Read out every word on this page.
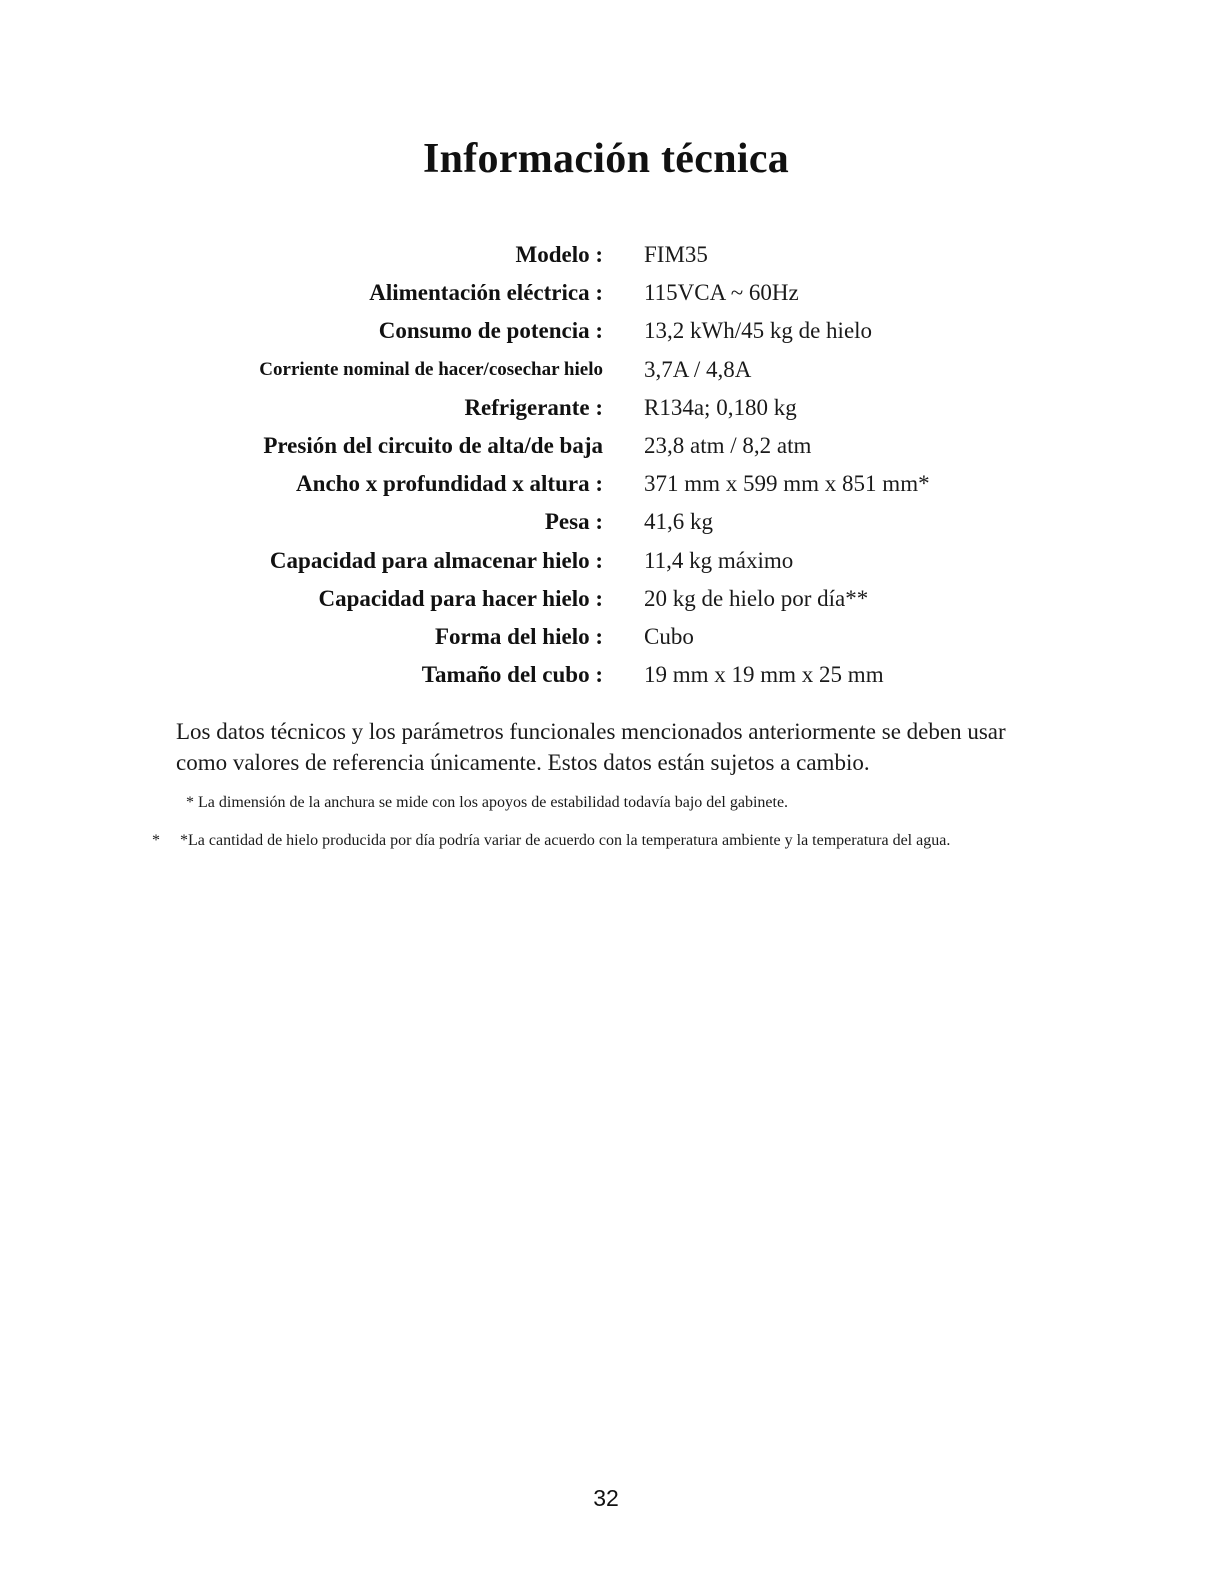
Información técnica
Modelo : FIM35
Alimentación eléctrica : 115VCA ~ 60Hz
Consumo de potencia : 13,2 kWh/45 kg de hielo
Corriente nominal de hacer/cosechar hielo 3,7A / 4,8A
Refrigerante : R134a; 0,180 kg
Presión del circuito de alta/de baja 23,8 atm / 8,2 atm
Ancho x profundidad x altura : 371 mm x 599 mm x 851 mm*
Pesa : 41,6 kg
Capacidad para almacenar hielo : 11,4 kg máximo
Capacidad para hacer hielo : 20 kg de hielo por día**
Forma del hielo : Cubo
Tamaño del cubo : 19 mm x 19 mm x 25 mm

Los datos técnicos y los parámetros funcionales mencionados anteriormente se deben usar como valores de referencia únicamente. Estos datos están sujetos a cambio.

* La dimensión de la anchura se mide con los apoyos de estabilidad todavía bajo del gabinete.

* *La cantidad de hielo producida por día podría variar de acuerdo con la temperatura ambiente y la temperatura del agua.

32
